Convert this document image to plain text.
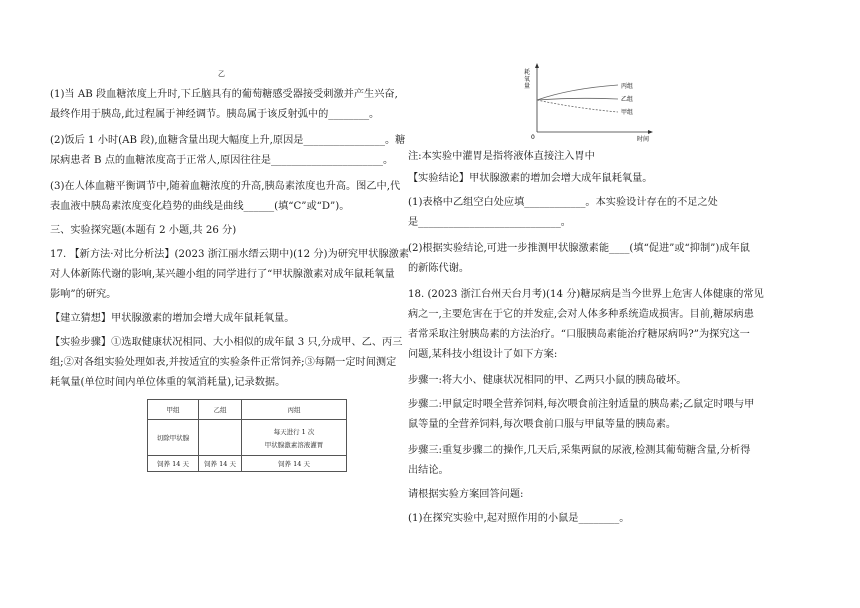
乙
(1)当 AB 段血糖浓度上升时,下丘脑具有的葡萄糖感受器接受刺激并产生兴奋,
最终作用于胰岛,此过程属于神经调节。胰岛属于该反射弧中的________。
(2)饭后 1 小时(AB 段),血糖含量出现大幅度上升,原因是________________。糖
尿病患者 B 点的血糖浓度高于正常人,原因往往是______________________。
(3)在人体血糖平衡调节中,随着血糖浓度的升高,胰岛素浓度也升高。图乙中,代
表血液中胰岛素浓度变化趋势的曲线是曲线______(填“C”或“D”)。
三、实验探究题(本题有 2 小题,共 26 分)
17. 【新方法·对比分析法】(2023 浙江丽水缙云期中)(12 分)为研究甲状腺激素
对人体新陈代谢的影响,某兴趣小组的同学进行了“甲状腺激素对成年鼠耗氧量
影响”的研究。
【建立猜想】甲状腺激素的增加会增大成年鼠耗氧量。
【实验步骤】①选取健康状况相同、大小相似的成年鼠 3 只,分成甲、乙、丙三
组;②对各组实验处理如表,并按适宜的实验条件正常饲养;③每隔一定时间测定
耗氧量(单位时间内单位体重的氧消耗量),记录数据。
甲组	乙组	丙组
切除甲状腺		每天进行 1 次
甲状腺激素溶液灌胃

饲养 14 天	饲养 14 天	饲养 14 天
耗
氧
量
0	时间
丙组
乙组
甲组
注:本实验中灌胃是指将液体直接注入胃中
【实验结论】甲状腺激素的增加会增大成年鼠耗氧量。
(1)表格中乙组空白处应填____________。本实验设计存在的不足之处
是____________________________。
(2)根据实验结论,可进一步推测甲状腺激素能____(填“促进”或“抑制”)成年鼠
的新陈代谢。
18. (2023 浙江台州天台月考)(14 分)糖尿病是当今世界上危害人体健康的常见
病之一,主要危害在于它的并发症,会对人体多种系统造成损害。目前,糖尿病患
者常采取注射胰岛素的方法治疗。“口服胰岛素能治疗糖尿病吗?”为探究这一
问题,某科技小组设计了如下方案:
步骤一:将大小、健康状况相同的甲、乙两只小鼠的胰岛破坏。
步骤二:甲鼠定时喂全营养饲料,每次喂食前注射适量的胰岛素;乙鼠定时喂与甲
鼠等量的全营养饲料,每次喂食前口服与甲鼠等量的胰岛素。
步骤三:重复步骤二的操作,几天后,采集两鼠的尿液,检测其葡萄糖含量,分析得
出结论。
请根据实验方案回答问题:
(1)在探究实验中,起对照作用的小鼠是________。
